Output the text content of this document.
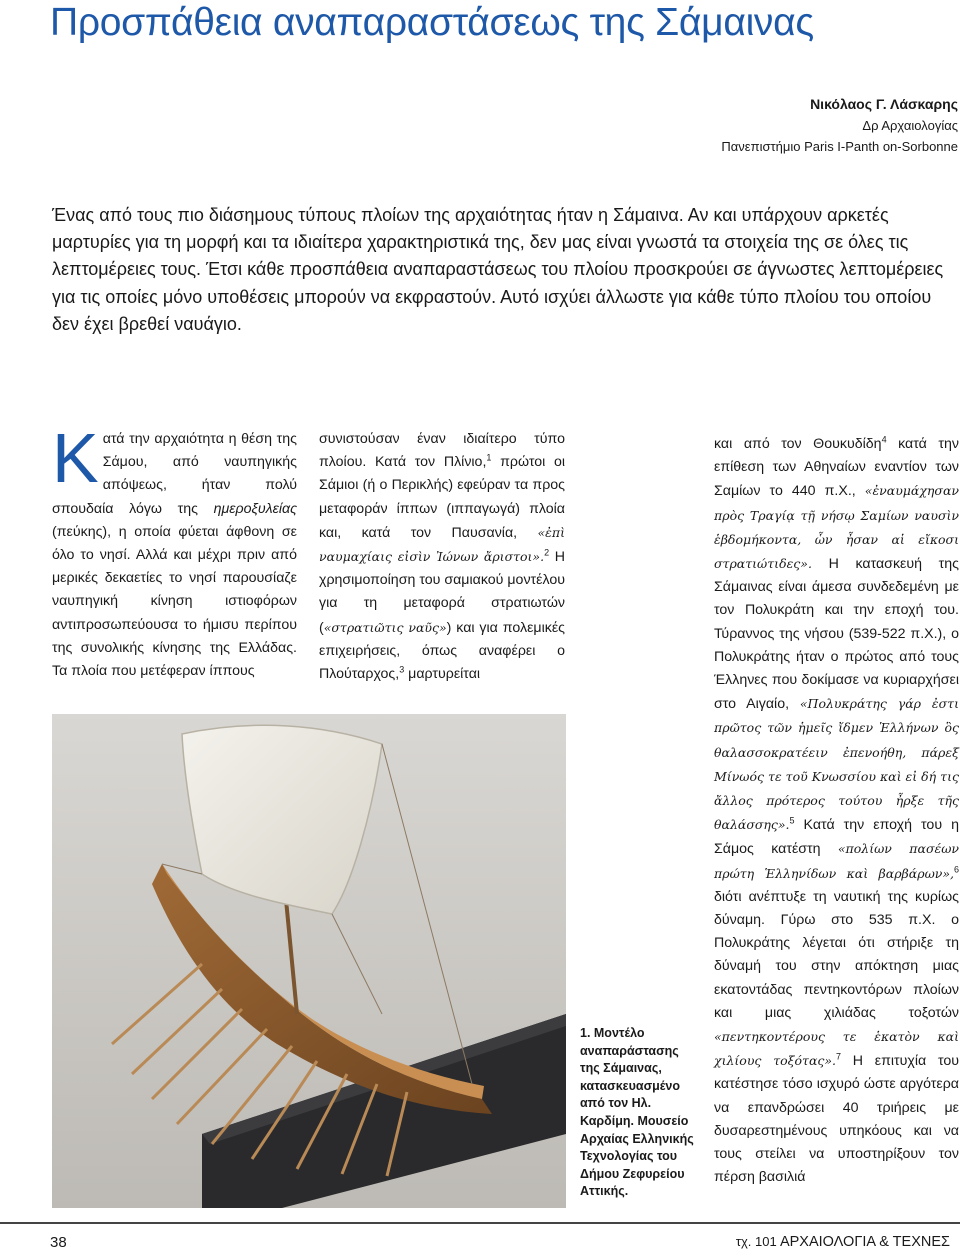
Προσπάθεια αναπαραστάσεως της Σάμαινας
Νικόλαος Γ. Λάσκαρης
Δρ Αρχαιολογίας
Πανεπιστήμιο Paris I-Panth on-Sorbonne

Ένας από τους πιο διάσημους τύπους πλοίων της αρχαιότητας ήταν η Σάμαινα. Αν και υπάρχουν αρκετές μαρτυρίες για τη μορφή και τα ιδιαίτερα χαρακτηριστικά της, δεν μας είναι γνωστά τα στοιχεία της σε όλες τις λεπτομέρειες τους. Έτσι κάθε προσπάθεια αναπαραστάσεως του πλοίου προσκρούει σε άγνωστες λεπτομέρειες για τις οποίες μόνο υποθέσεις μπορούν να εκφραστούν. Αυτό ισχύει άλλωστε για κάθε τύπο πλοίου του οποίου δεν έχει βρεθεί ναυάγιο.

Κατά την αρχαιότητα η θέση της Σάμου, από ναυπηγικής απόψεως, ήταν πολύ σπουδαία λόγω της ημεροξυλείας (πεύκης), η οποία φύεται άφθονη σε όλο το νησί. Αλλά και μέχρι πριν από μερικές δεκαετίες το νησί παρουσίαζε ναυπηγική κίνηση ιστιοφόρων αντιπροσωπεύουσα το ήμισυ περίπου της συνολικής κίνησης της Ελλάδας. Τα πλοία που μετέφεραν ίππους

συνιστούσαν έναν ιδιαίτερο τύπο πλοίου. Κατά τον Πλίνιο,$^1$ πρώτοι οι Σάμιοι (ή ο Περικλής) εφεύραν τα προς μεταφοράν ίππων (ιππαγωγά) πλοία και, κατά τον Παυσανία, «ἐπὶ ναυμαχίαις εἰσὶν Ἰώνων ἄριστοι».$^2$ Η χρησιμοποίηση του σαμιακού μοντέλου για τη μεταφορά στρατιωτών («στρατιῶτις ναῦς») και για πολεμικές επιχειρήσεις, όπως αναφέρει ο Πλούταρχος,$^3$ μαρτυρείται

και από τον Θουκυδίδη$^4$ κατά την επίθεση των Αθηναίων εναντίον των Σαμίων το 440 π.Χ., «ἐναυμάχησαν πρὸς Τραγίᾳ τῇ νήσῳ Σαμίων ναυσὶν ἑβδομήκοντα, ὧν ἦσαν αἱ εἴκοσι στρατιώτιδες». Η κατασκευή της Σάμαινας είναι άμεσα συνδεδεμένη με τον Πολυκράτη και την εποχή του. Τύραννος της νήσου (539-522 π.Χ.), ο Πολυκράτης ήταν ο πρώτος από τους Έλληνες που δοκίμασε να κυριαρχήσει στο Αιγαίο, «Πολυκράτης γάρ ἐστι πρῶτος τῶν ἡμεῖς ἴδμεν Ἑλλήνων ὃς θαλασσοκρατέειν ἐπενοήθη, πάρεξ Μίνωός τε τοῦ Κνωσσίου καὶ εἰ δή τις ἄλλος πρότερος τούτου ἦρξε τῆς θαλάσσης».$^5$ Κατά την εποχή του η Σάμος κατέστη «πολίων πασέων πρώτη Ἑλληνίδων καὶ βαρβάρων»,$^6$ διότι ανέπτυξε τη ναυτική της κυρίως δύναμη. Γύρω στο 535 π.Χ. ο Πολυκράτης λέγεται ότι στήριξε τη δύναμή του στην απόκτηση μιας εκατοντάδας πεντηκοντόρων πλοίων και μιας χιλιάδας τοξοτών «πεντηκοντέρους τε ἑκατὸν καὶ χιλίους τοξότας».$^7$ Η επιτυχία του κατέστησε τόσο ισχυρό ώστε αργότερα να επανδρώσει 40 τριήρεις με δυσαρεστημένους υπηκόους και να τους στείλει να υποστηρίξουν τον πέρση βασιλιά

1. Μοντέλο αναπαράστασης της Σάμαινας, κατασκευασμένο από τον Ηλ. Καρδίμη. Μουσείο Αρχαίας Ελληνικής Τεχνολογίας του Δήμου Ζεφυρείου Αττικής.

38	τχ. 101 ΑΡΧΑΙΟΛΟΓΙΑ & ΤΕΧΝΕΣ
